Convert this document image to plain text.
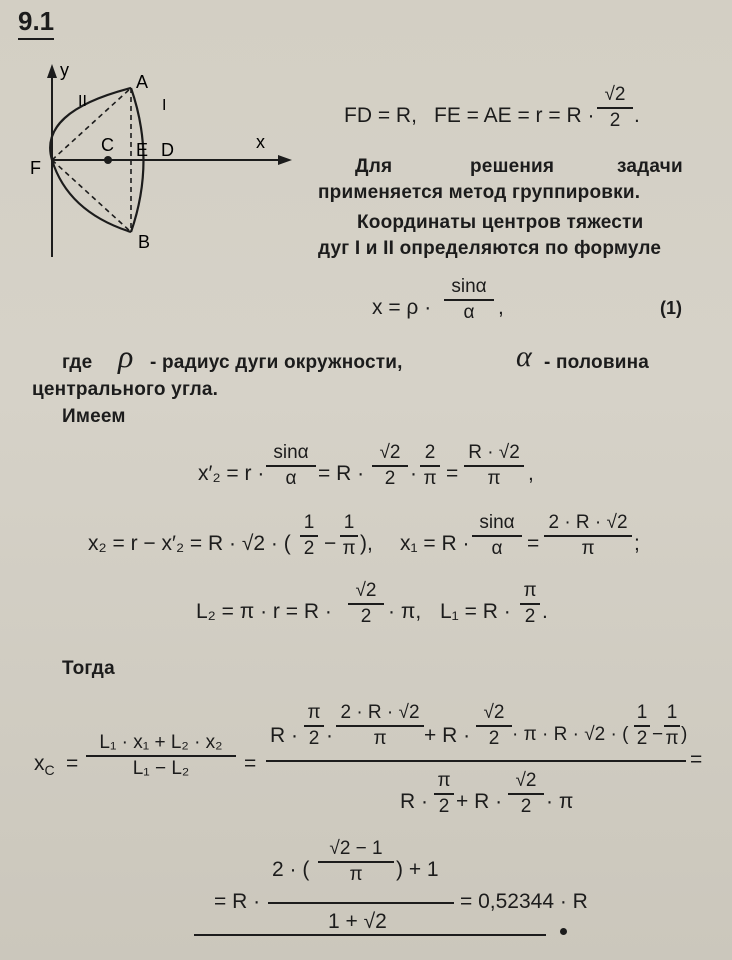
9.1
y
x
A
B
C E D
F
I
II
FD = R, FE = AE = r = R ·
√2
2 .
Для	решения	задачи
применяется метод группировки.
Координаты центров тяжести
дуг I и II определяются по формуле
x = ρ ·
sinα
α	,	(1)
где ρ - радиус дуги окружности,	α - половина
центрального угла.
Имеем
x′₂ = r ·
sinα
α	= R ·
√2
2 ·
2
π =
R · √2
π	,
x₂ = r − x′₂ = R · √2 · (
1
2 −
1
π ), x₁ = R ·
sinα
α	=
2 · R · √2
π	;
L₂ = π · r = R ·
√2
2 · π, L₁ = R ·
π
2 .
Тогда
$x_C$ =
L₁ · x₁ + L₂ · x₂
L₁ − L₂	=
R ·
π
2 ·
2 · R · √2
π	+ R ·
√2
2 · π · R · √2 · (
1
2 −
1
π )
=
R ·
π
2 + R ·
√2
2 · π
2 · (
√2 − 1
π	) + 1
= R ·
1 + √2
= 0,52344 · R
